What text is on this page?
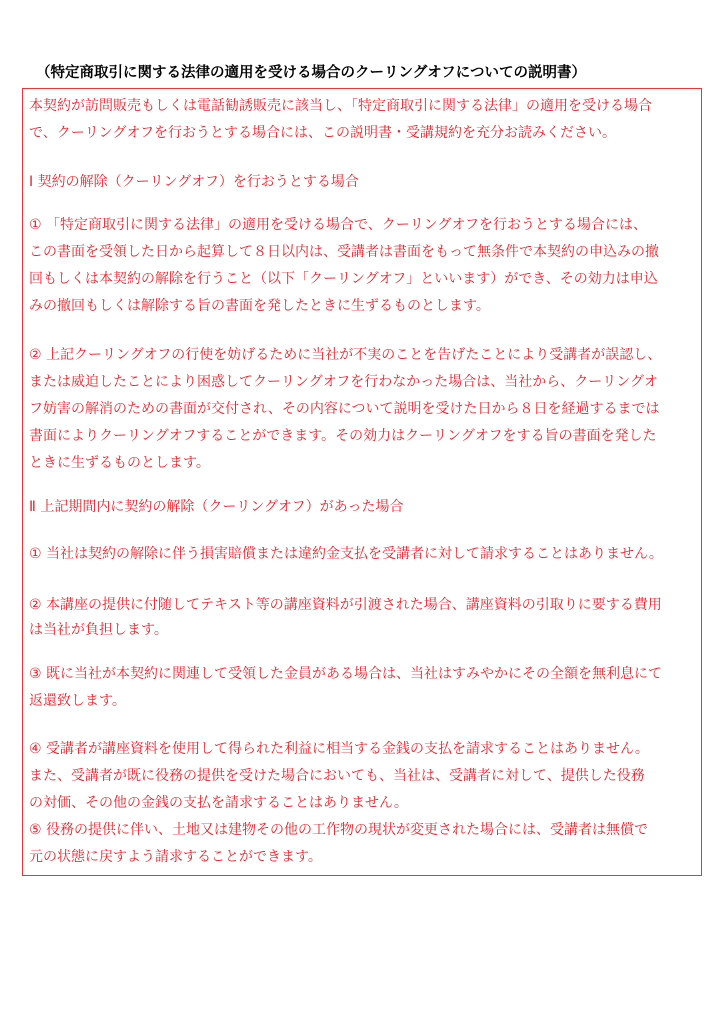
（特定商取引に関する法律の適用を受ける場合のクーリングオフについての説明書）
本契約が訪問販売もしくは電話勧誘販売に該当し、「特定商取引に関する法律」の適用を受ける場合
で、クーリングオフを行おうとする場合には、この説明書・受講規約を充分お読みください。
Ⅰ 契約の解除（クーリングオフ）を行おうとする場合
① 「特定商取引に関する法律」の適用を受ける場合で、クーリングオフを行おうとする場合には、
この書面を受領した日から起算して８日以内は、受講者は書面をもって無条件で本契約の申込みの撤
回もしくは本契約の解除を行うこと（以下「クーリングオフ」といいます）ができ、その効力は申込
みの撤回もしくは解除する旨の書面を発したときに生ずるものとします。
② 上記クーリングオフの行使を妨げるために当社が不実のことを告げたことにより受講者が誤認し、
または威迫したことにより困惑してクーリングオフを行わなかった場合は、当社から、クーリングオ
フ妨害の解消のための書面が交付され、その内容について説明を受けた日から８日を経過するまでは
書面によりクーリングオフすることができます。その効力はクーリングオフをする旨の書面を発した
ときに生ずるものとします。
Ⅱ 上記期間内に契約の解除（クーリングオフ）があった場合
① 当社は契約の解除に伴う損害賠償または違約金支払を受講者に対して請求することはありません。
② 本講座の提供に付随してテキスト等の講座資料が引渡された場合、講座資料の引取りに要する費用
は当社が負担します。
③ 既に当社が本契約に関連して受領した金員がある場合は、当社はすみやかにその全額を無利息にて
返還致します。
④ 受講者が講座資料を使用して得られた利益に相当する金銭の支払を請求することはありません。
また、受講者が既に役務の提供を受けた場合においても、当社は、受講者に対して、提供した役務
の対価、その他の金銭の支払を請求することはありません。
⑤ 役務の提供に伴い、土地又は建物その他の工作物の現状が変更された場合には、受講者は無償で
元の状態に戻すよう請求することができます。
